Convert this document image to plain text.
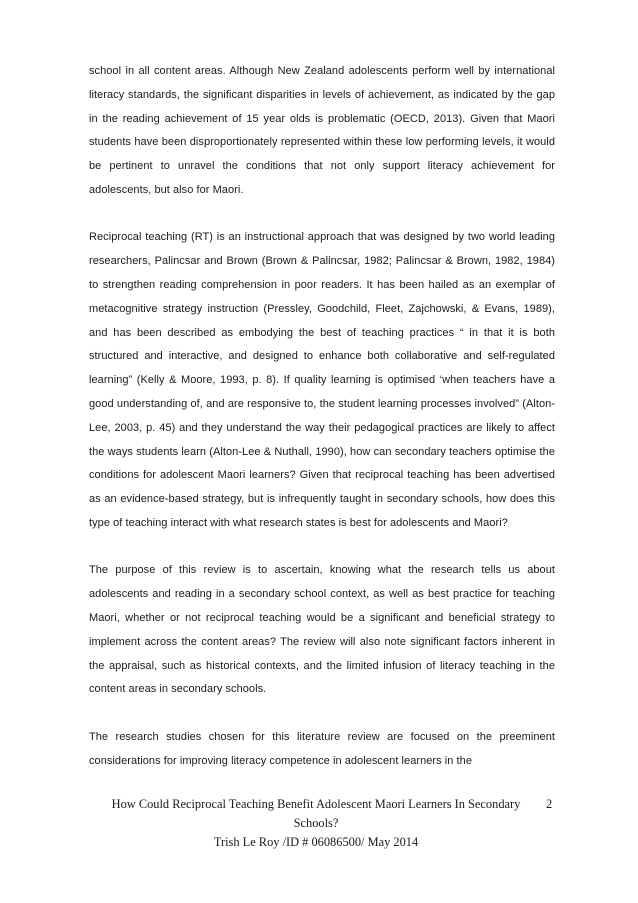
school in all content areas. Although New Zealand adolescents perform well by international literacy standards, the significant disparities in levels of achievement, as indicated by the gap in the reading achievement of 15 year olds is problematic (OECD, 2013). Given that Maori students have been disproportionately represented within these low performing levels, it would be pertinent to unravel the conditions that not only support literacy achievement for adolescents, but also for Maori.

Reciprocal teaching (RT) is an instructional approach that was designed by two world leading researchers, Palincsar and Brown (Brown & Palincsar, 1982; Palincsar & Brown, 1982, 1984) to strengthen reading comprehension in poor readers. It has been hailed as an exemplar of metacognitive strategy instruction (Pressley, Goodchild, Fleet, Zajchowski, & Evans, 1989), and has been described as embodying the best of teaching practices “ in that it is both structured and interactive, and designed to enhance both collaborative and self-regulated learning” (Kelly & Moore, 1993, p. 8). If quality learning is optimised ‘when teachers have a good understanding of, and are responsive to, the student learning processes involved” (Alton-Lee, 2003, p. 45) and they understand the way their pedagogical practices are likely to affect the ways students learn (Alton-Lee & Nuthall, 1990), how can secondary teachers optimise the conditions for adolescent Maori learners? Given that reciprocal teaching has been advertised as an evidence-based strategy, but is infrequently taught in secondary schools, how does this type of teaching interact with what research states is best for adolescents and Maori?

The purpose of this review is to ascertain, knowing what the research tells us about adolescents and reading in a secondary school context, as well as best practice for teaching Maori, whether or not reciprocal teaching would be a significant and beneficial strategy to implement across the content areas? The review will also note significant factors inherent in the appraisal, such as historical contexts, and the limited infusion of literacy teaching in the content areas in secondary schools.

The research studies chosen for this literature review are focused on the preeminent considerations for improving literacy competence in adolescent learners in the

How Could Reciprocal Teaching Benefit Adolescent Maori Learners In Secondary Schools?
Trish Le Roy /ID # 06086500/ May 2014
2
